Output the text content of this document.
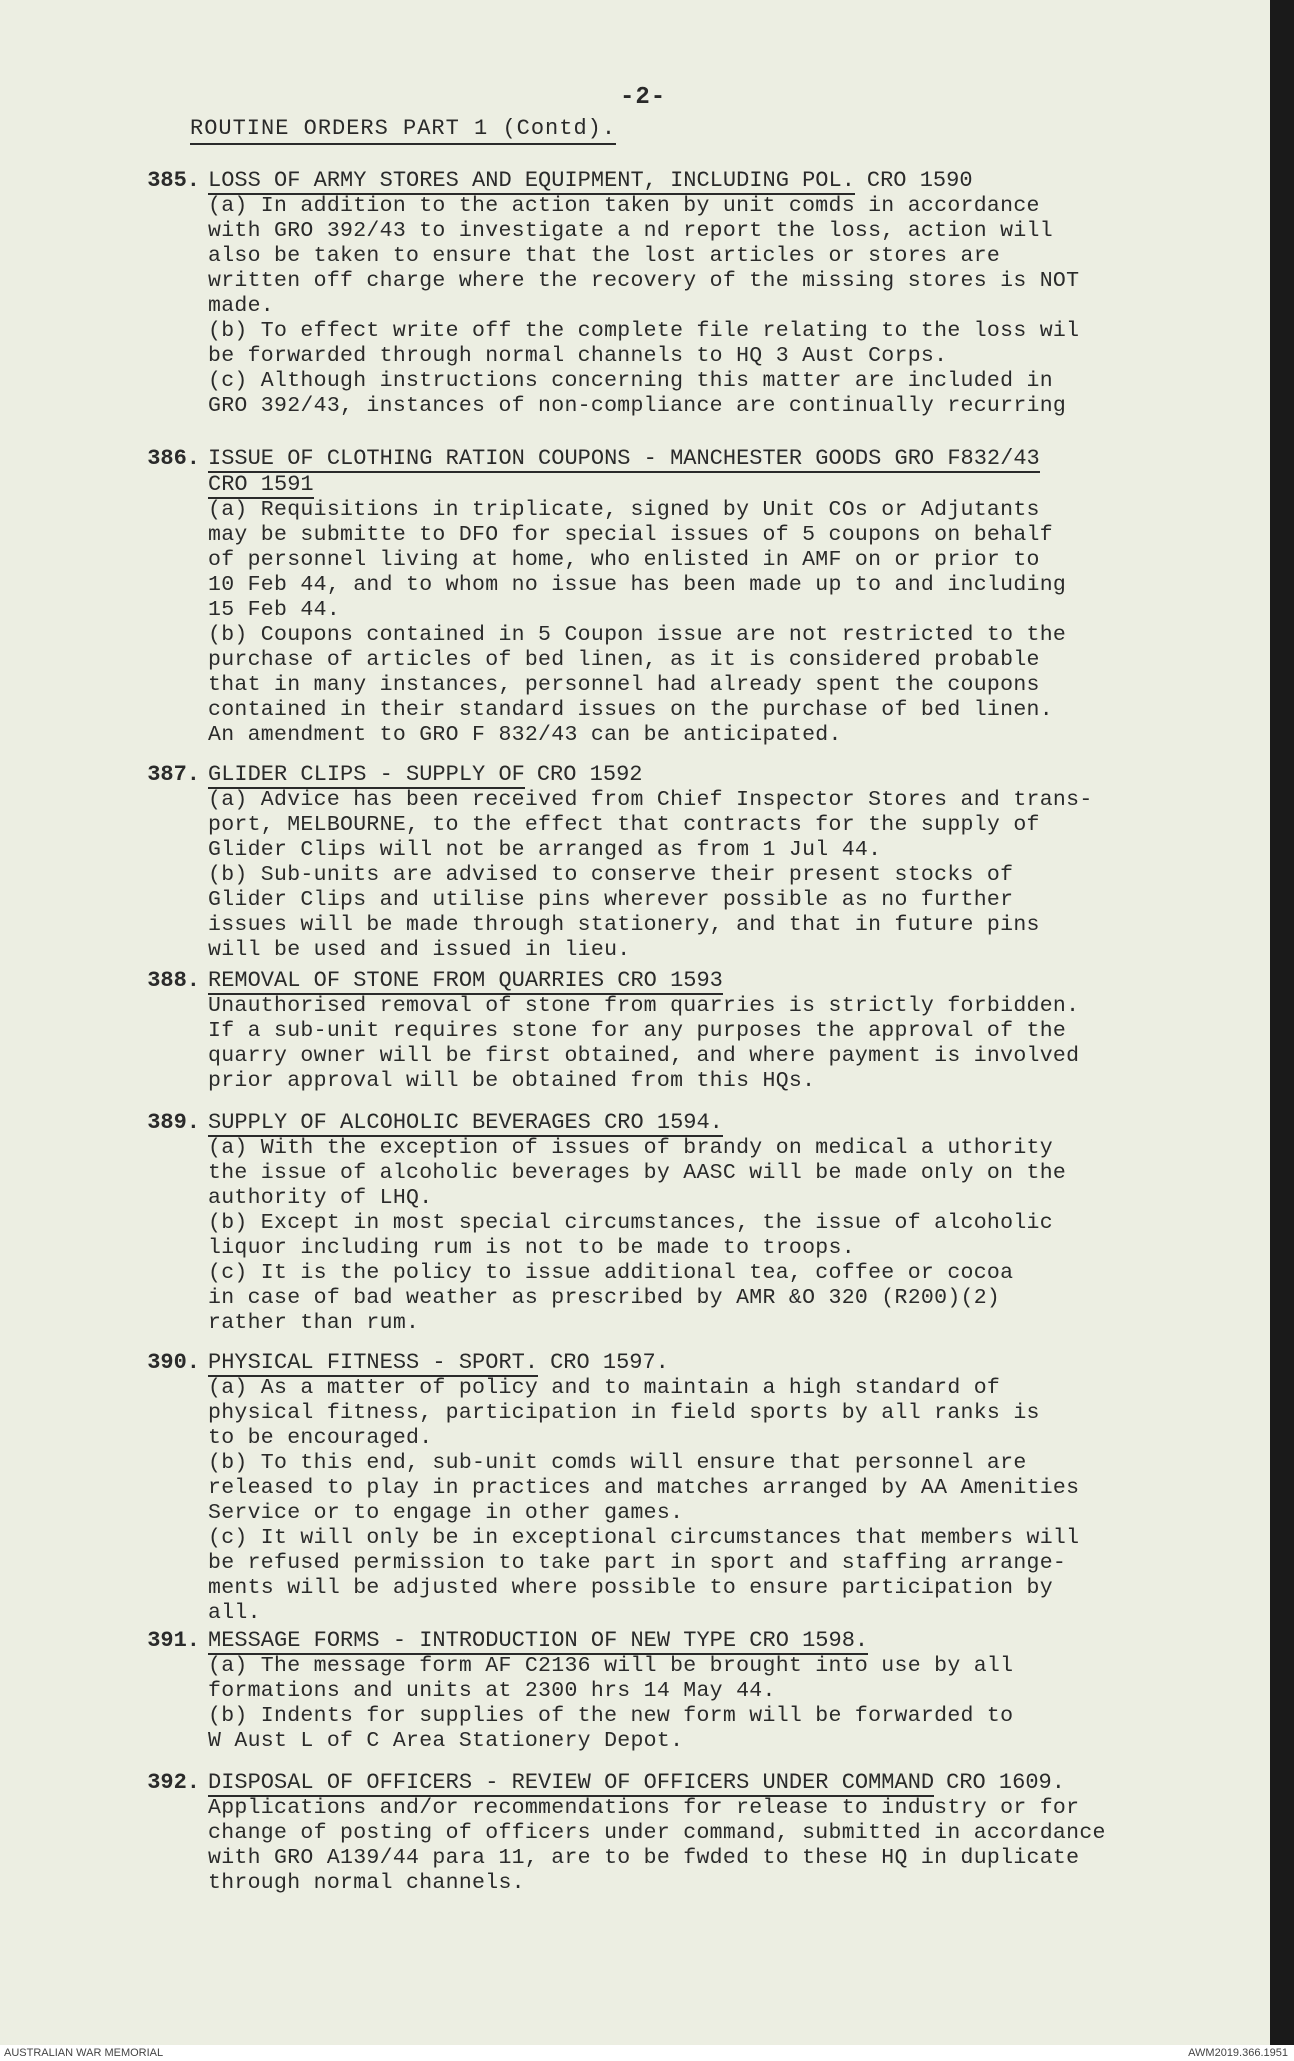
-2-
ROUTINE ORDERS PART 1 (Contd).
385. LOSS OF ARMY STORES AND EQUIPMENT, INCLUDING POL. CRO 1590
(a) In addition to the action taken by unit comds in accordance
with GRO 392/43 to investigate a nd report the loss, action will
also be taken to ensure that the lost articles or stores are
written off charge where the recovery of the missing stores is NOT
made.
(b) To effect write off the complete file relating to the loss wil
be forwarded through normal channels to HQ 3 Aust Corps.
(c) Although instructions concerning this matter are included in
GRO 392/43, instances of non-compliance are continually recurring
386. ISSUE OF CLOTHING RATION COUPONS - MANCHESTER GOODS GRO F832/43
CRO 1591
(a) Requisitions in triplicate, signed by Unit COs or Adjutants
may be submitte to DFO for special issues of 5 coupons on behalf
of personnel living at home, who enlisted in AMF on or prior to
10 Feb 44, and to whom no issue has been made up to and including
15 Feb 44.
(b) Coupons contained in 5 Coupon issue are not restricted to the
purchase of articles of bed linen, as it is considered probable
that in many instances, personnel had already spent the coupons
contained in their standard issues on the purchase of bed linen.
An amendment to GRO F 832/43 can be anticipated.
387. GLIDER CLIPS - SUPPLY OF CRO 1592
(a) Advice has been received from Chief Inspector Stores and trans-
port, MELBOURNE, to the effect that contracts for the supply of
Glider Clips will not be arranged as from 1 Jul 44.
(b) Sub-units are advised to conserve their present stocks of
Glider Clips and utilise pins wherever possible as no further
issues will be made through stationery, and that in future pins
will be used and issued in lieu.
388. REMOVAL OF STONE FROM QUARRIES CRO 1593
Unauthorised removal of stone from quarries is strictly forbidden.
If a sub-unit requires stone for any purposes the approval of the
quarry owner will be first obtained, and where payment is involved
prior approval will be obtained from this HQs.
389. SUPPLY OF ALCOHOLIC BEVERAGES CRO 1594.
(a) With the exception of issues of brandy on medical a uthority
the issue of alcoholic beverages by AASC will be made only on the
authority of LHQ.
(b) Except in most special circumstances, the issue of alcoholic
liquor including rum is not to be made to troops.
(c) It is the policy to issue additional tea, coffee or cocoa
in case of bad weather as prescribed by AMR &O 320 (R200)(2)
rather than rum.
390. PHYSICAL FITNESS - SPORT. CRO 1597.
(a) As a matter of policy and to maintain a high standard of
physical fitness, participation in field sports by all ranks is
to be encouraged.
(b) To this end, sub-unit comds will ensure that personnel are
released to play in practices and matches arranged by AA Amenities
Service or to engage in other games.
(c) It will only be in exceptional circumstances that members will
be refused permission to take part in sport and staffing arrange-
ments will be adjusted where possible to ensure participation by
all.
391. MESSAGE FORMS - INTRODUCTION OF NEW TYPE CRO 1598.
(a) The message form AF C2136 will be brought into use by all
formations and units at 2300 hrs 14 May 44.
(b) Indents for supplies of the new form will be forwarded to
W Aust L of C Area Stationery Depot.
392. DISPOSAL OF OFFICERS - REVIEW OF OFFICERS UNDER COMMAND CRO 1609.
Applications and/or recommendations for release to industry or for
change of posting of officers under command, submitted in accordance
with GRO A139/44 para 11, are to be fwded to these HQ in duplicate
through normal channels.
AUSTRALIAN WAR MEMORIAL	AWM2019.366.1951
